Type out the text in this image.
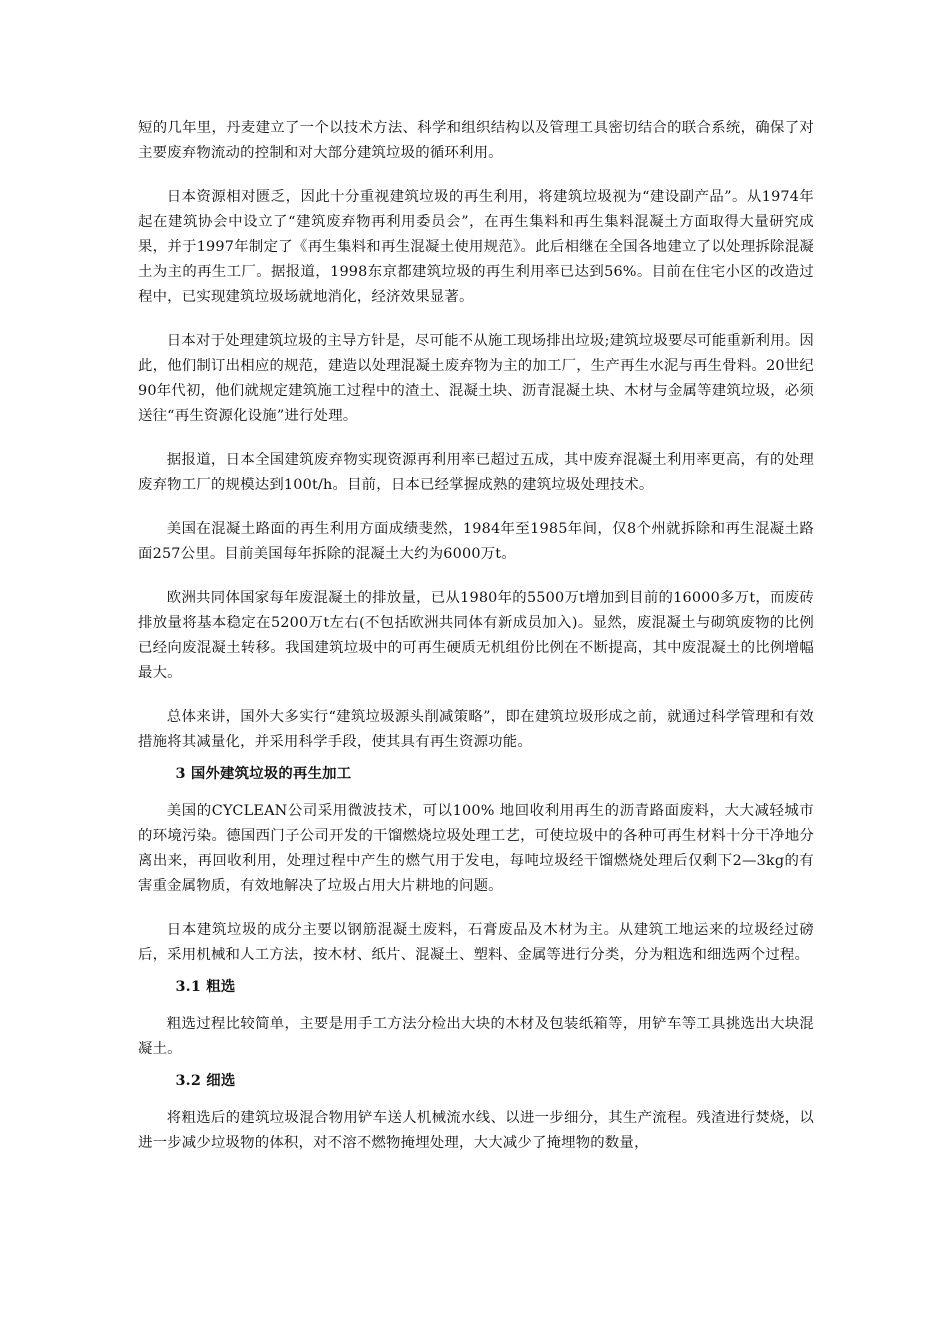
短的几年里，丹麦建立了一个以技术方法、科学和组织结构以及管理工具密切结合的联合系统，确保了对主要废弃物流动的控制和对大部分建筑垃圾的循环利用。

日本资源相对匮乏，因此十分重视建筑垃圾的再生利用，将建筑垃圾视为“建设副产品”。从1974年起在建筑协会中设立了“建筑废弃物再利用委员会”，在再生集料和再生集料混凝土方面取得大量研究成果，并于1997年制定了《再生集料和再生混凝土使用规范》。此后相继在全国各地建立了以处理拆除混凝土为主的再生工厂。据报道，1998东京都建筑垃圾的再生利用率已达到56%。目前在住宅小区的改造过程中，已实现建筑垃圾场就地消化，经济效果显著。

日本对于处理建筑垃圾的主导方针是，尽可能不从施工现场排出垃圾;建筑垃圾要尽可能重新利用。因此，他们制订出相应的规范，建造以处理混凝土废弃物为主的加工厂，生产再生水泥与再生骨料。20世纪90年代初，他们就规定建筑施工过程中的渣土、混凝土块、沥青混凝土块、木材与金属等建筑垃圾，必须送往“再生资源化设施”进行处理。

据报道，日本全国建筑废弃物实现资源再利用率已超过五成，其中废弃混凝土利用率更高，有的处理废弃物工厂的规模达到100t/h。目前，日本已经掌握成熟的建筑垃圾处理技术。

美国在混凝土路面的再生利用方面成绩斐然，1984年至1985年间，仅8个州就拆除和再生混凝土路面257公里。目前美国每年拆除的混凝土大约为6000万t。

欧洲共同体国家每年废混凝土的排放量，已从1980年的5500万t增加到目前的16000多万t，而废砖排放量将基本稳定在5200万t左右(不包括欧洲共同体有新成员加入)。显然，废混凝土与砌筑废物的比例已经向废混凝土转移。我国建筑垃圾中的可再生硬质无机组份比例在不断提高，其中废混凝土的比例增幅最大。

总体来讲，国外大多实行“建筑垃圾源头削减策略”，即在建筑垃圾形成之前，就通过科学管理和有效措施将其减量化，并采用科学手段，使其具有再生资源功能。

3 国外建筑垃圾的再生加工

美国的CYCLEAN公司采用微波技术，可以100% 地回收利用再生的沥青路面废料，大大减轻城市的环境污染。德国西门子公司开发的干馏燃烧垃圾处理工艺，可使垃圾中的各种可再生材料十分干净地分离出来，再回收利用，处理过程中产生的燃气用于发电，每吨垃圾经干馏燃烧处理后仅剩下2—3kg的有害重金属物质，有效地解决了垃圾占用大片耕地的问题。

日本建筑垃圾的成分主要以钢筋混凝土废料，石膏废品及木材为主。从建筑工地运来的垃圾经过磅后，采用机械和人工方法，按木材、纸片、混凝土、塑料、金属等进行分类，分为粗选和细选两个过程。

3.1 粗选

粗选过程比较简单，主要是用手工方法分检出大块的木材及包装纸箱等，用铲车等工具挑选出大块混凝土。

3.2 细选

将粗选后的建筑垃圾混合物用铲车送人机械流水线、以进一步细分，其生产流程。残渣进行焚烧，以进一步减少垃圾物的体积，对不溶不燃物掩埋处理，大大减少了掩埋物的数量，
